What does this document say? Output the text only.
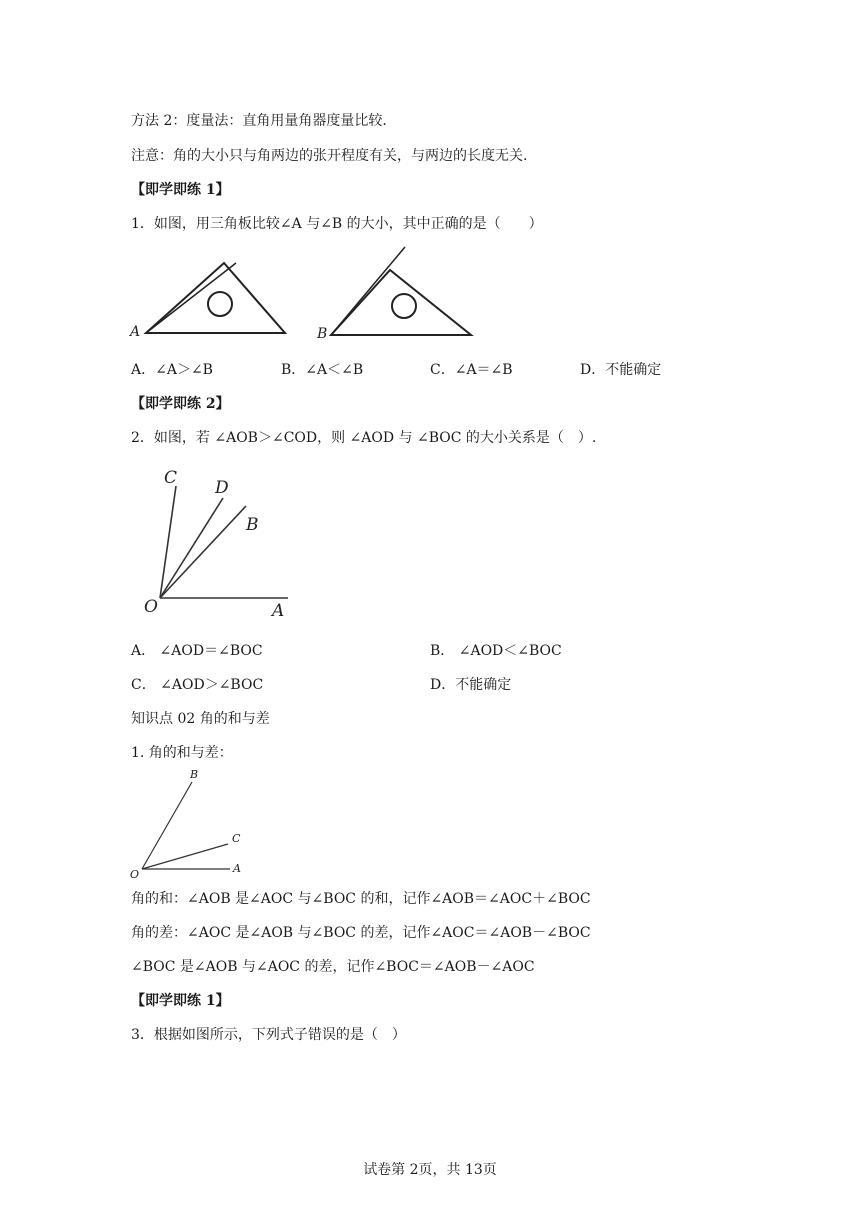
方法 2：度量法：直角用量角器度量比较.
注意：角的大小只与角两边的张开程度有关，与两边的长度无关.
【即学即练 1】
1．如图，用三角板比较∠A 与∠B 的大小，其中正确的是（　　）
A	B
A．∠A＞∠B	B．∠A＜∠B	C．∠A＝∠B	D．不能确定
【即学即练 2】
2．如图，若 ∠AOB＞∠COD，则 ∠AOD 与 ∠BOC 的大小关系是（　）.
C D
B
O	A
A． ∠AOD＝∠BOC	B． ∠AOD＜∠BOC
C． ∠AOD＞∠BOC	D．不能确定
知识点 02 角的和与差
1. 角的和与差：
B
C
O	A
角的和：∠AOB 是∠AOC 与∠BOC 的和，记作∠AOB＝∠AOC＋∠BOC
角的差：∠AOC 是∠AOB 与∠BOC 的差，记作∠AOC＝∠AOB－∠BOC
∠BOC 是∠AOB 与∠AOC 的差，记作∠BOC＝∠AOB－∠AOC
【即学即练 1】
3．根据如图所示，下列式子错误的是（　）
试卷第 2页，共 13页
